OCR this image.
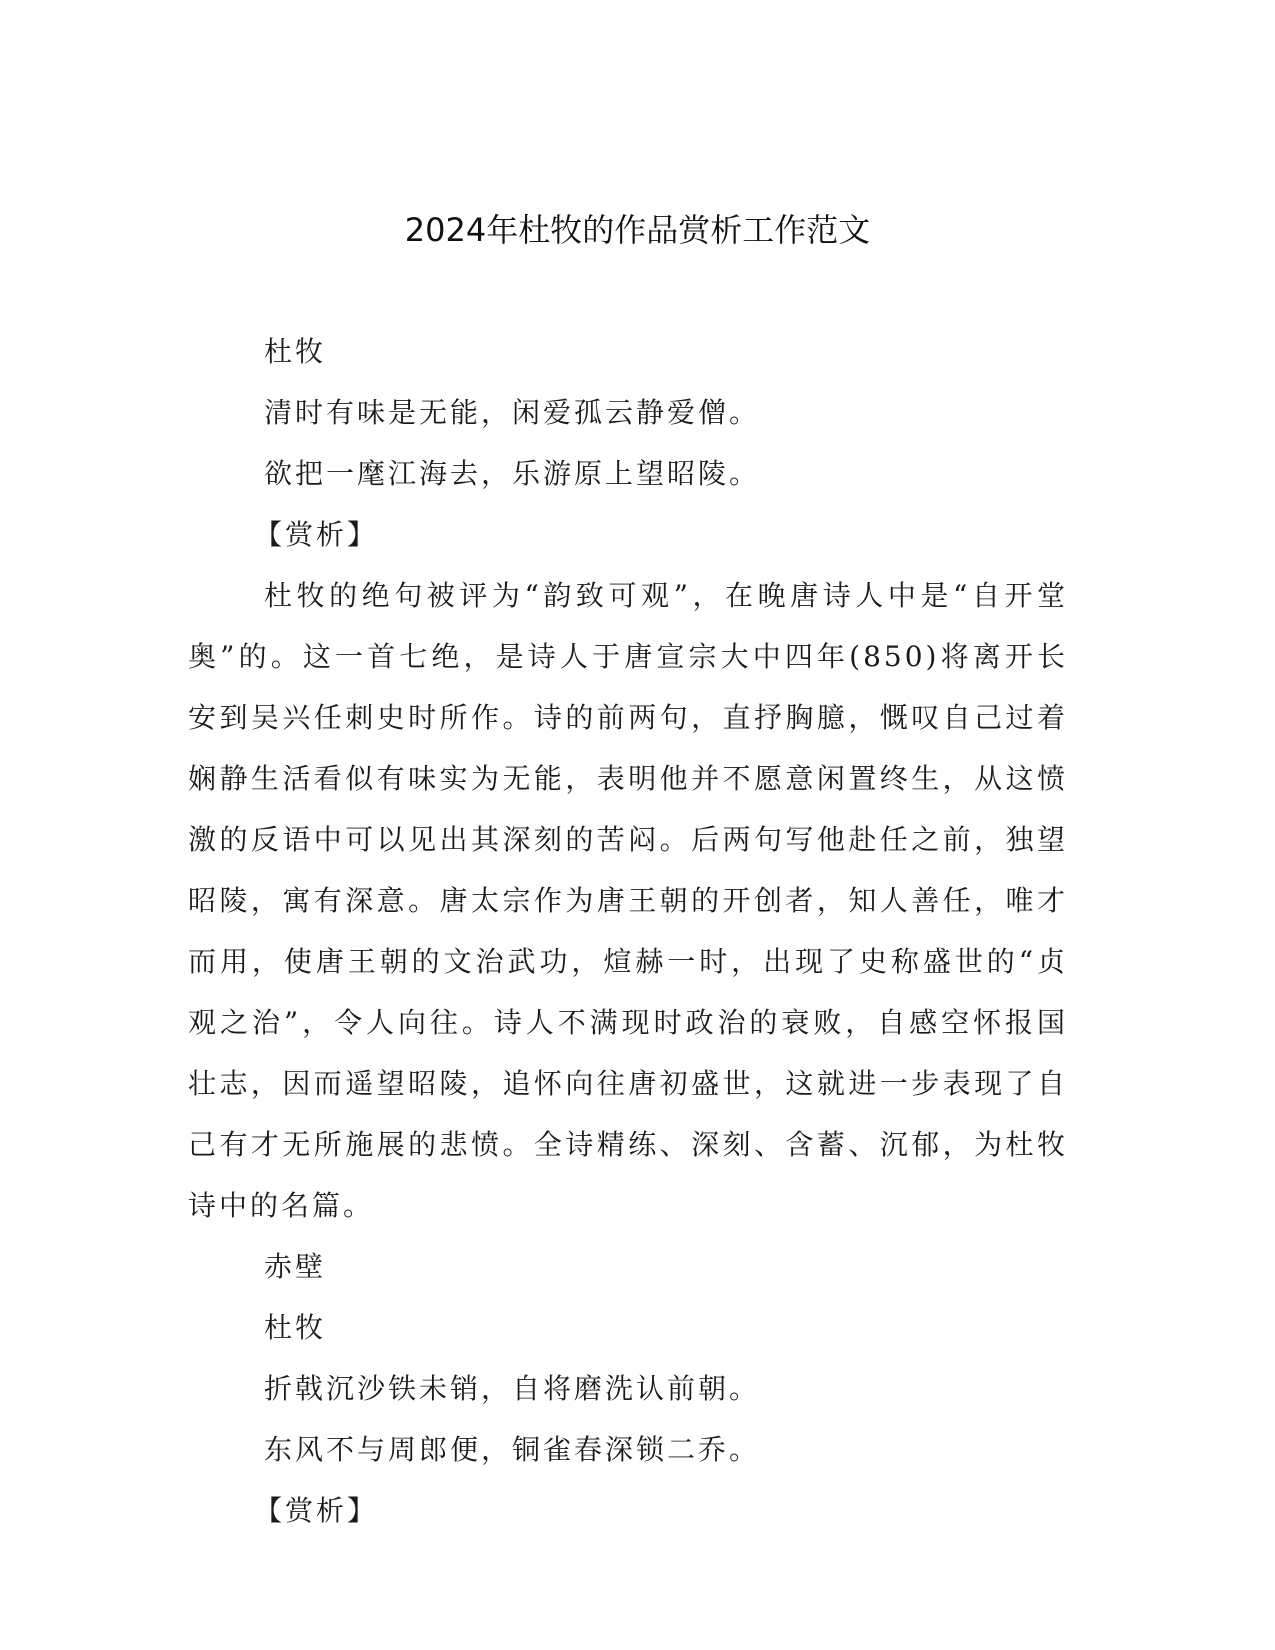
2024年杜牧的作品赏析工作范文

杜牧

清时有味是无能，闲爱孤云静爱僧。

欲把一麾江海去，乐游原上望昭陵。

【赏析】

杜牧的绝句被评为“韵致可观”，在晚唐诗人中是“自开堂奥”的。这一首七绝，是诗人于唐宣宗大中四年(850)将离开长安到吴兴任刺史时所作。诗的前两句，直抒胸臆，慨叹自己过着娴静生活看似有味实为无能，表明他并不愿意闲置终生，从这愤激的反语中可以见出其深刻的苦闷。后两句写他赴任之前，独望昭陵，寓有深意。唐太宗作为唐王朝的开创者，知人善任，唯才而用，使唐王朝的文治武功，煊赫一时，出现了史称盛世的“贞观之治”，令人向往。诗人不满现时政治的衰败，自感空怀报国壮志，因而遥望昭陵，追怀向往唐初盛世，这就进一步表现了自己有才无所施展的悲愤。全诗精练、深刻、含蓄、沉郁，为杜牧诗中的名篇。

赤壁

杜牧

折戟沉沙铁未销，自将磨洗认前朝。

东风不与周郎便，铜雀春深锁二乔。

【赏析】
